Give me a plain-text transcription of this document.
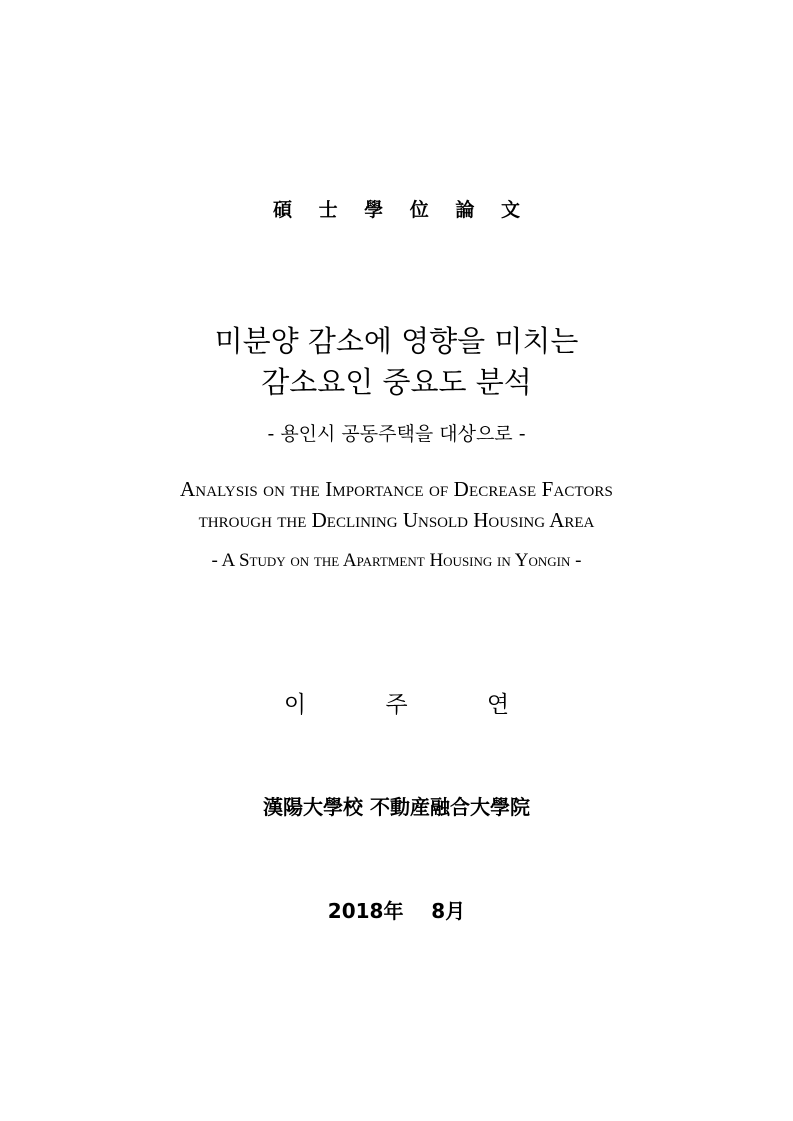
碩 士 學 位 論 文
미분양 감소에 영향을 미치는
감소요인 중요도 분석
- 용인시 공동주택을 대상으로 -
Analysis on the Importance of Decrease Factors
through the Declining Unsold Housing Area
- A Study on the Apartment Housing in Yongin -
이 주 연
漢陽大學校 不動産融合大學院
2018年    8月
